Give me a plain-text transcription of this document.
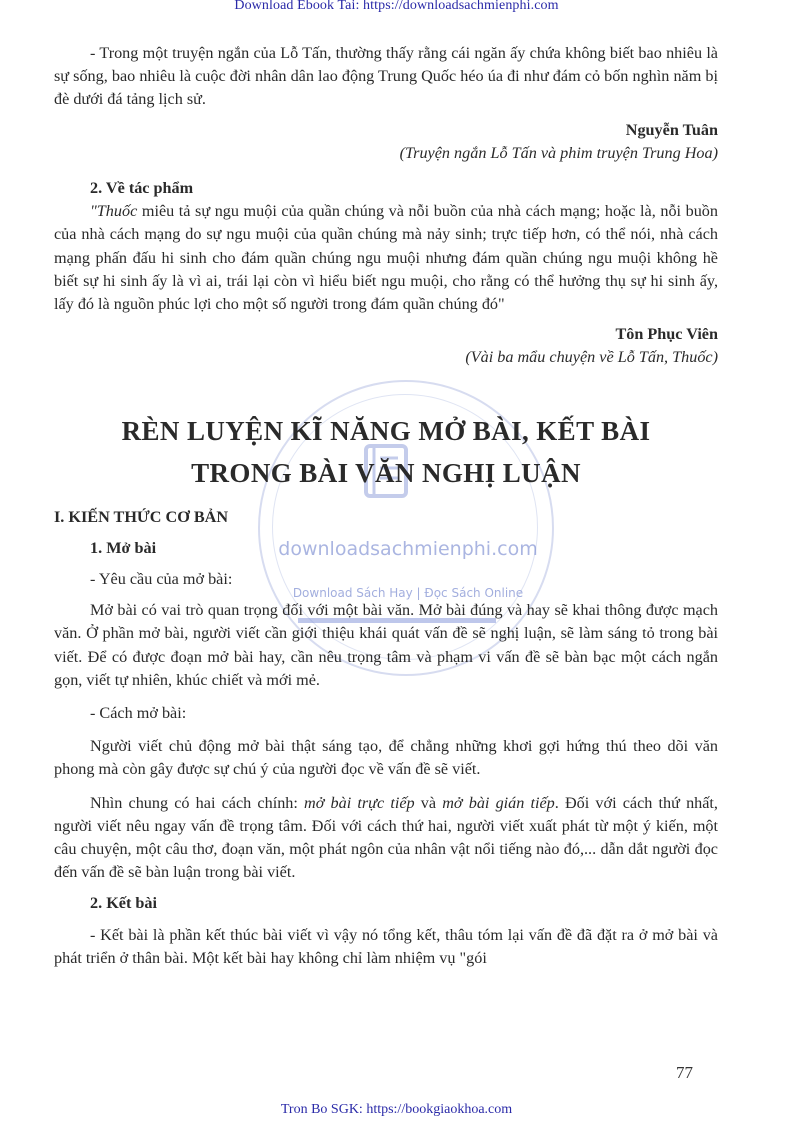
Download Ebook Tai: https://downloadsachmienphi.com
downloadsachmienphi.com
Download Sách Hay | Đọc Sách Online

- Trong một truyện ngắn của Lỗ Tấn, thường thấy rằng cái ngăn ấy chứa không biết bao nhiêu là sự sống, bao nhiêu là cuộc đời nhân dân lao động Trung Quốc héo úa đi như đám cỏ bốn nghìn năm bị đè dưới đá tảng lịch sử.

Nguyễn Tuân

(Truyện ngắn Lỗ Tấn và phim truyện Trung Hoa)

2. Về tác phẩm

"Thuốc miêu tả sự ngu muội của quần chúng và nỗi buồn của nhà cách mạng; hoặc là, nỗi buồn của nhà cách mạng do sự ngu muội của quần chúng mà nảy sinh; trực tiếp hơn, có thể nói, nhà cách mạng phấn đấu hi sinh cho đám quần chúng ngu muội nhưng đám quần chúng ngu muội không hề biết sự hi sinh ấy là vì ai, trái lại còn vì hiểu biết ngu muội, cho rằng có thể hưởng thụ sự hi sinh ấy, lấy đó là nguồn phúc lợi cho một số người trong đám quần chúng đó"

Tôn Phục Viên

(Vài ba mẩu chuyện về Lỗ Tấn, Thuốc)

RÈN LUYỆN KĨ NĂNG MỞ BÀI, KẾT BÀI
TRONG BÀI VĂN NGHỊ LUẬN

I. KIẾN THỨC CƠ BẢN

1. Mở bài

- Yêu cầu của mở bài:

Mở bài có vai trò quan trọng đối với một bài văn. Mở bài đúng và hay sẽ khai thông được mạch văn. Ở phần mở bài, người viết cần giới thiệu khái quát vấn đề sẽ nghị luận, sẽ làm sáng tỏ trong bài viết. Để có được đoạn mở bài hay, cần nêu trọng tâm và phạm vi vấn đề sẽ bàn bạc một cách ngắn gọn, viết tự nhiên, khúc chiết và mới mẻ.

- Cách mở bài:

Người viết chủ động mở bài thật sáng tạo, để chẳng những khơi gợi hứng thú theo dõi văn phong mà còn gây được sự chú ý của người đọc về vấn đề sẽ viết.

Nhìn chung có hai cách chính: mở bài trực tiếp và mở bài gián tiếp. Đối với cách thứ nhất, người viết nêu ngay vấn đề trọng tâm. Đối với cách thứ hai, người viết xuất phát từ một ý kiến, một câu chuyện, một câu thơ, đoạn văn, một phát ngôn của nhân vật nổi tiếng nào đó,... dẫn dắt người đọc đến vấn đề sẽ bàn luận trong bài viết.

2. Kết bài

- Kết bài là phần kết thúc bài viết vì vậy nó tổng kết, thâu tóm lại vấn đề đã đặt ra ở mở bài và phát triển ở thân bài. Một kết bài hay không chỉ làm nhiệm vụ "gói

77
Tron Bo SGK: https://bookgiaokhoa.com
